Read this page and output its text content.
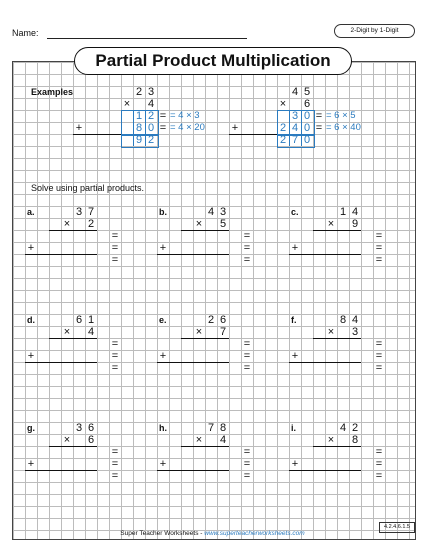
Name:	2-Digit by 1-Digit
Examples	2 3
× 4
1 2 = = 4 × 3
8 0 = = 4 × 20
+
9 2
4 5
× 6
3 0 = = 6 × 5
2 4 0 = = 6 × 40
+
2 7 0
Solve using partial products.
a.	3 7
× 2
=
+	=
=
b.	4 3
× 5
=
+	=
=
c.	1 4
× 9
=
+	=
=
d.	6 1
× 4
=
+	=
=
e.	2 6
× 7
=
+	=
=
f.	8 4
× 3
=
+	=
=
g.	3 6
× 6
=
+	=
=
h.	7 8
× 4
=
+	=
=
i.	4 2
× 8
=
+	=
=
Partial Product Multiplication
Super Teacher Worksheets - www.superteacherworksheets.com
4.2.4.6.1.5
